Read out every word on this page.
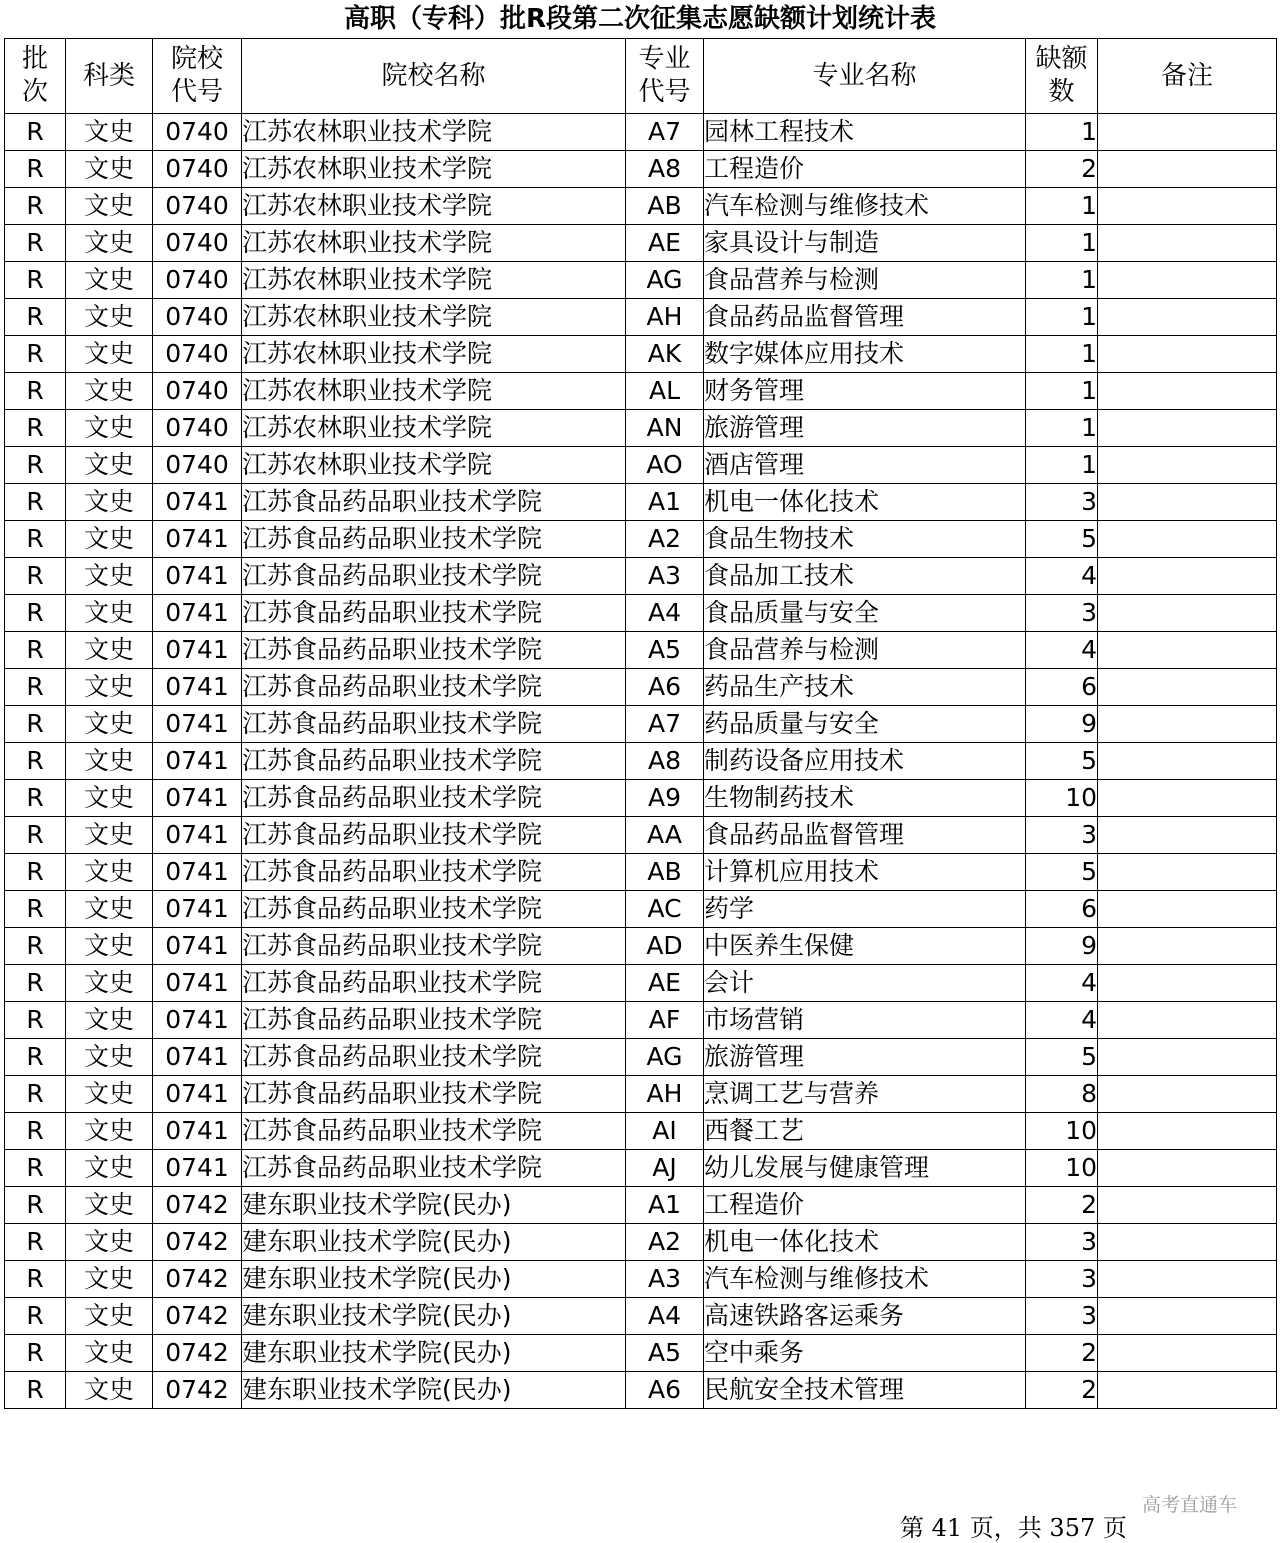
高职（专科）批R段第二次征集志愿缺额计划统计表
批次	科类	院校代号	院校名称	专业代号	专业名称	缺额数	备注
R	文史	0740	江苏农林职业技术学院	A7	园林工程技术	1	
R	文史	0740	江苏农林职业技术学院	A8	工程造价	2	
R	文史	0740	江苏农林职业技术学院	AB	汽车检测与维修技术	1	
R	文史	0740	江苏农林职业技术学院	AE	家具设计与制造	1	
R	文史	0740	江苏农林职业技术学院	AG	食品营养与检测	1	
R	文史	0740	江苏农林职业技术学院	AH	食品药品监督管理	1	
R	文史	0740	江苏农林职业技术学院	AK	数字媒体应用技术	1	
R	文史	0740	江苏农林职业技术学院	AL	财务管理	1	
R	文史	0740	江苏农林职业技术学院	AN	旅游管理	1	
R	文史	0740	江苏农林职业技术学院	AO	酒店管理	1	
R	文史	0741	江苏食品药品职业技术学院	A1	机电一体化技术	3	
R	文史	0741	江苏食品药品职业技术学院	A2	食品生物技术	5	
R	文史	0741	江苏食品药品职业技术学院	A3	食品加工技术	4	
R	文史	0741	江苏食品药品职业技术学院	A4	食品质量与安全	3	
R	文史	0741	江苏食品药品职业技术学院	A5	食品营养与检测	4	
R	文史	0741	江苏食品药品职业技术学院	A6	药品生产技术	6	
R	文史	0741	江苏食品药品职业技术学院	A7	药品质量与安全	9	
R	文史	0741	江苏食品药品职业技术学院	A8	制药设备应用技术	5	
R	文史	0741	江苏食品药品职业技术学院	A9	生物制药技术	10	
R	文史	0741	江苏食品药品职业技术学院	AA	食品药品监督管理	3	
R	文史	0741	江苏食品药品职业技术学院	AB	计算机应用技术	5	
R	文史	0741	江苏食品药品职业技术学院	AC	药学	6	
R	文史	0741	江苏食品药品职业技术学院	AD	中医养生保健	9	
R	文史	0741	江苏食品药品职业技术学院	AE	会计	4	
R	文史	0741	江苏食品药品职业技术学院	AF	市场营销	4	
R	文史	0741	江苏食品药品职业技术学院	AG	旅游管理	5	
R	文史	0741	江苏食品药品职业技术学院	AH	烹调工艺与营养	8	
R	文史	0741	江苏食品药品职业技术学院	AI	西餐工艺	10	
R	文史	0741	江苏食品药品职业技术学院	AJ	幼儿发展与健康管理	10	
R	文史	0742	建东职业技术学院(民办)	A1	工程造价	2	
R	文史	0742	建东职业技术学院(民办)	A2	机电一体化技术	3	
R	文史	0742	建东职业技术学院(民办)	A3	汽车检测与维修技术	3	
R	文史	0742	建东职业技术学院(民办)	A4	高速铁路客运乘务	3	
R	文史	0742	建东职业技术学院(民办)	A5	空中乘务	2	
R	文史	0742	建东职业技术学院(民办)	A6	民航安全技术管理	2	
第 41 页，共 357 页
高考直通车
